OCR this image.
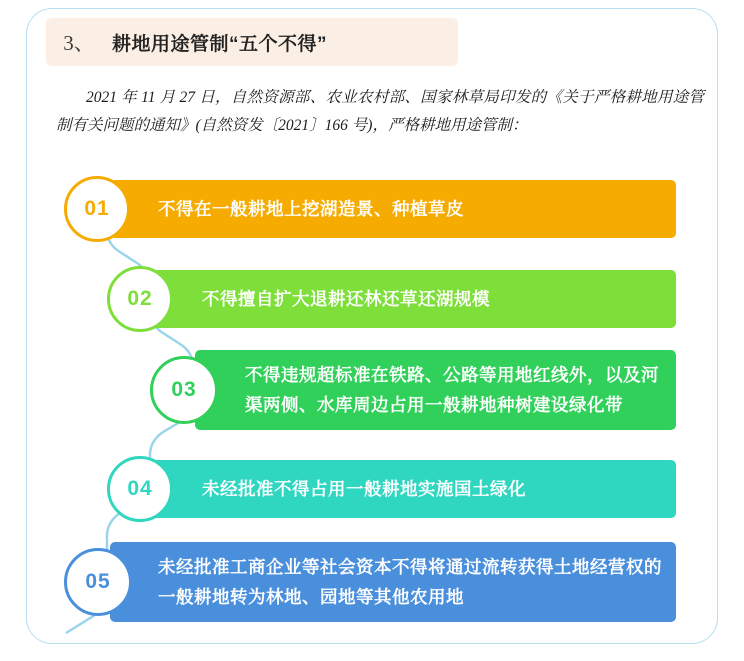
3、 耕地用途管制“五个不得”
2021 年 11 月 27 日，自然资源部、农业农村部、国家林草局印发的《关于严格耕地用途管制有关问题的通知》(自然资发〔2021〕166 号)，严格耕地用途管制：
不得在一般耕地上挖湖造景、种植草皮
01
不得擅自扩大退耕还林还草还湖规模
02
不得违规超标准在铁路、公路等用地红线外，以及河渠两侧、水库周边占用一般耕地种树建设绿化带
03
未经批准不得占用一般耕地实施国土绿化
04
未经批准工商企业等社会资本不得将通过流转获得土地经营权的一般耕地转为林地、园地等其他农用地
05
